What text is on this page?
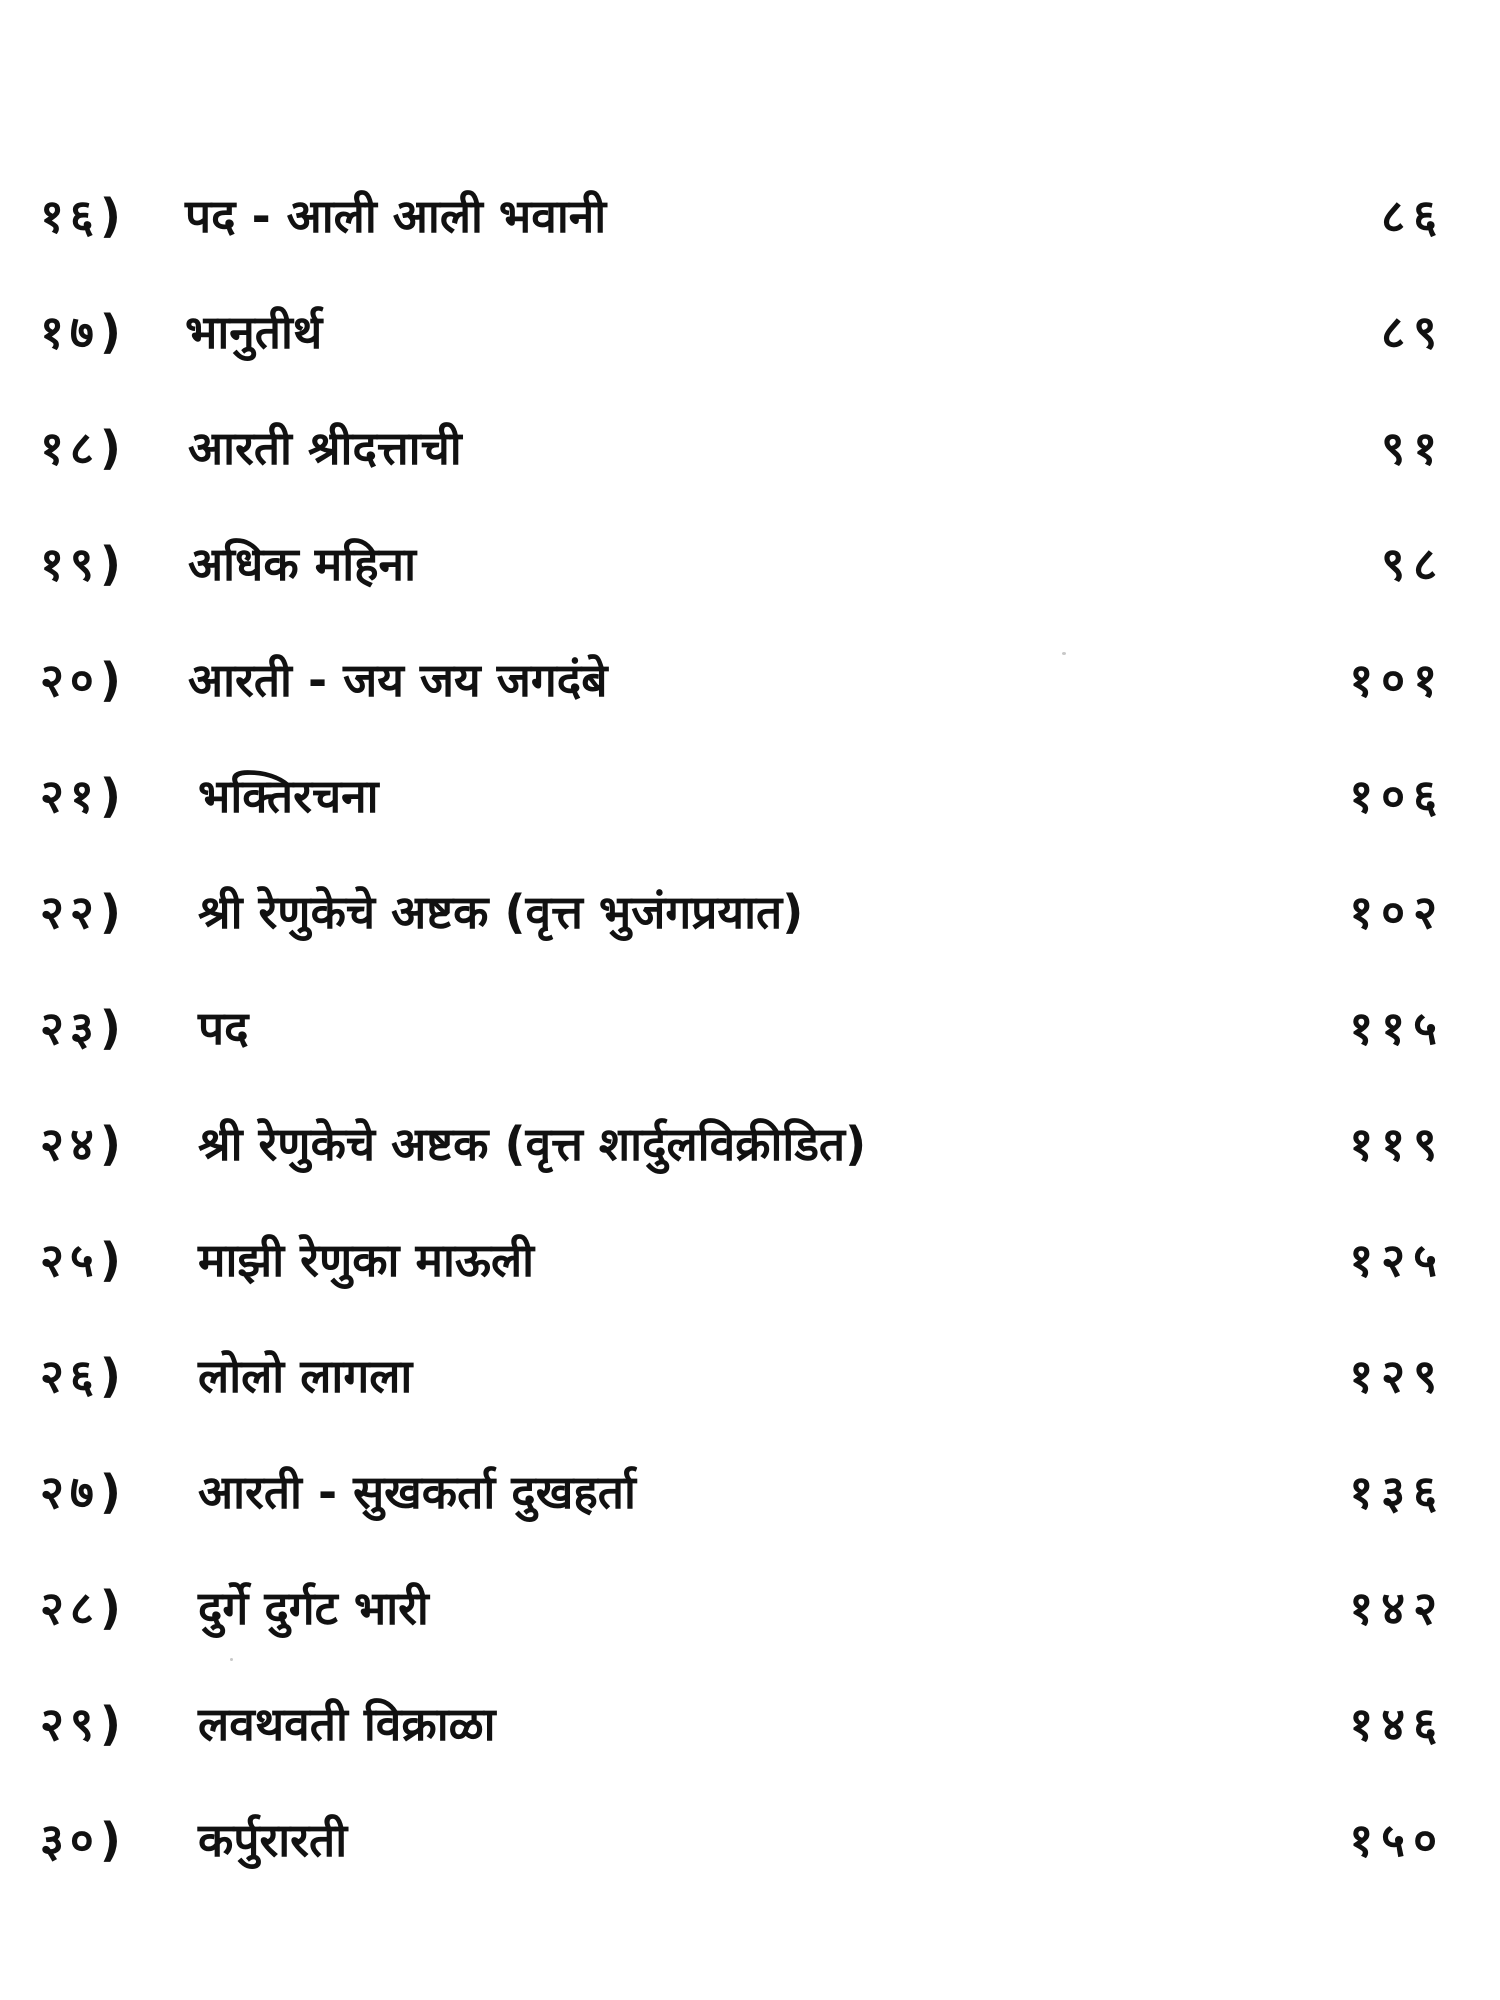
१६) पद - आली आली भवानी	८६
१७) भानुतीर्थ	८९
१८) आरती श्रीदत्ताची	९१
१९) अधिक महिना	९८
२०) आरती - जय जय जगदंबे	१०१
२१) भक्तिरचना	१०६
२२) श्री रेणुकेचे अष्टक (वृत्त भुजंगप्रयात)	१०२
२३) पद	११५
२४) श्री रेणुकेचे अष्टक (वृत्त शार्दुलविक्रीडित)	११९
२५) माझी रेणुका माऊली	१२५
२६) लोलो लागला	१२९
२७) आरती - सुखकर्ता दुखहर्ता	१३६
२८) दुर्गे दुर्गट भारी	१४२
२९) लवथवती विक्राळा	१४६
३०) कर्पुरारती	१५०
